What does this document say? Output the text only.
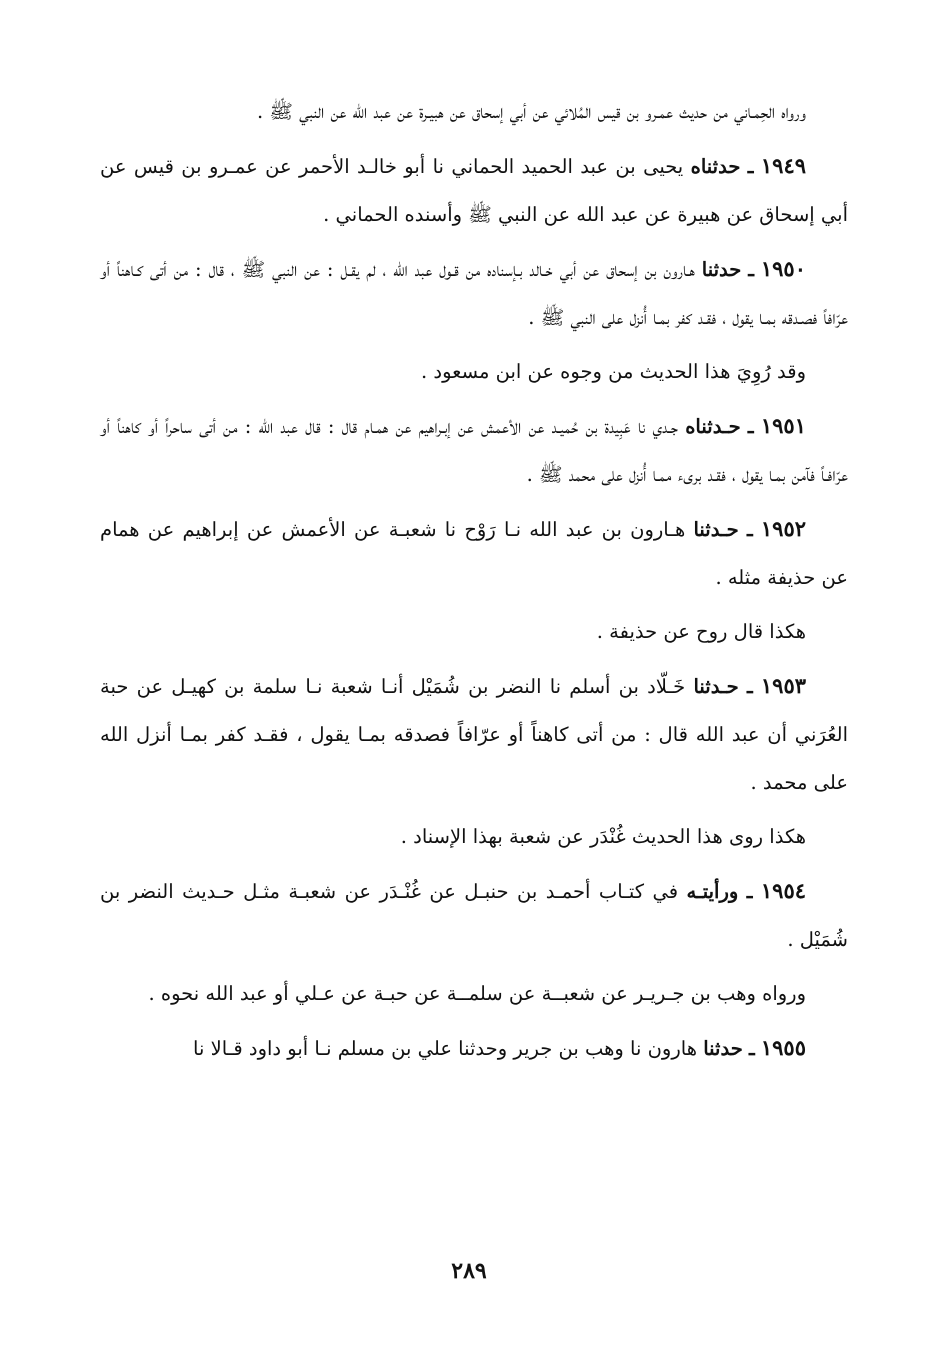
ورواه الحِمـاني من حديث عمـرو بن قيس المُلائي عن أبي إسحاق عن هبيـرة عن عبد الله عن النبي ﷺ .

١٩٤٩ ـ حدثناه يحيى بن عبد الحميد الحماني نا أبو خالـد الأحمر عن عمـرو بن قيس عن أبي إسحاق عن هبيرة عن عبد الله عن النبي ﷺ وأسنده الحماني .

١٩٥٠ ـ حدثنا هـارون بن إسحاق عن أبي خـالد بـإسناده من قـول عبد الله ، لم يقـل : عن النبي ﷺ ، قال : من أتى كـاهناً أو عرّافاً فصـدقه بمـا يقول ، فقـد كفر بمـا أُنزل على النبي ﷺ .

وقد رُوِيَ هذا الحديث من وجوه عن ابن مسعود .

١٩٥١ ـ حـدثناه جـدي نا عَبِيدة بن حُميـد عن الأعمش عن إبـراهيم عن همـام قال : قال عبد الله : من أتى ساحراً أو كاهناً أو عرّافـاً فآمن بمـا يقول ، فقـد برىء ممـا أُنزل على محمد ﷺ .

١٩٥٢ ـ حـدثنا هـارون بن عبد الله نـا رَوْح نا شعبـة عن الأعمش عن إبراهيم عن همام عن حذيفة مثله .

هكذا قال روح عن حذيفة .

١٩٥٣ ـ حـدثنا خَـلّاد بن أسلم نا النضر بن شُمَيْل أنـا شعبة نـا سلمة بن كهيـل عن حبة العُرَني أن عبد الله قال : من أتى كاهناً أو عرّافاً فصدقه بمـا يقول ، فقـد كفر بمـا أنزل الله على محمد .

هكذا روى هذا الحديث غُنْدَر عن شعبة بهذا الإسناد .

١٩٥٤ ـ ورأيتـه في كتـاب أحمـد بن حنبـل عن غُنْـدَر عن شعبـة مثـل حـديث النضر بن شُمَيْل .

ورواه وهب بن جـريـر عن شعبــة عن سلمــة عن حبـة عن عـلي أو عبد الله نحوه .

١٩٥٥ ـ حدثنا هارون نا وهب بن جرير وحدثنا علي بن مسلم نـا أبو داود قـالا نا

٢٨٩
